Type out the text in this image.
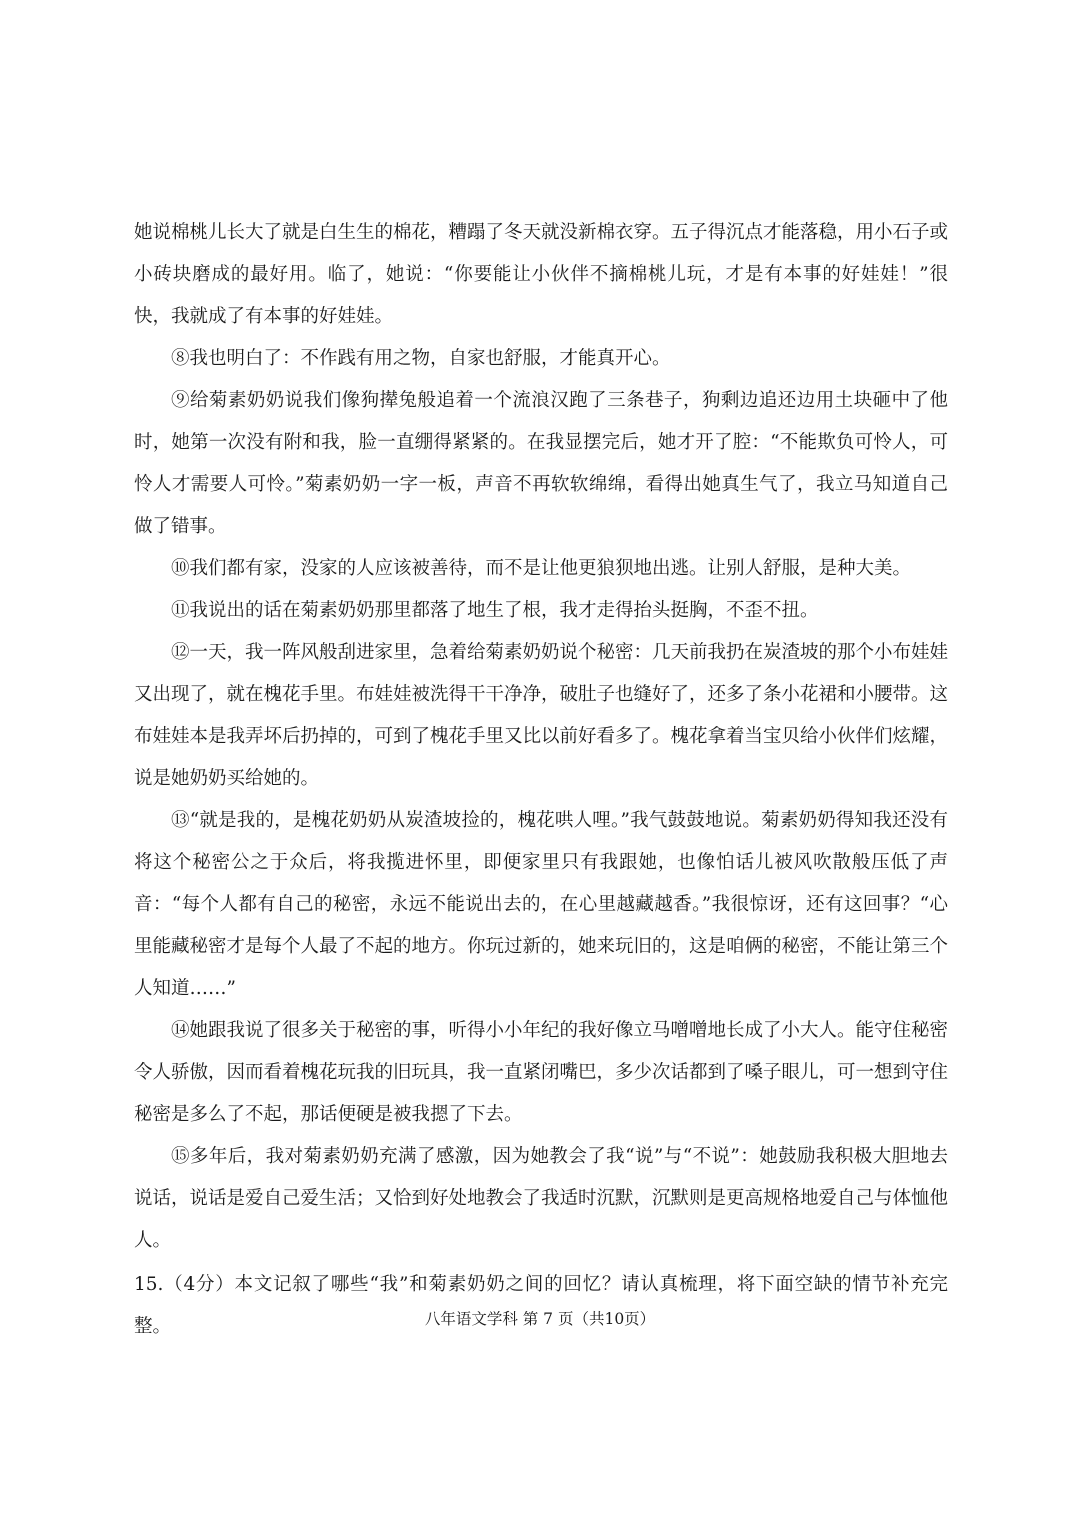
她说棉桃儿长大了就是白生生的棉花，糟蹋了冬天就没新棉衣穿。五子得沉点才能落稳，用小石子或小砖块磨成的最好用。临了，她说：“你要能让小伙伴不摘棉桃儿玩，才是有本事的好娃娃！”很快，我就成了有本事的好娃娃。

⑧我也明白了：不作践有用之物，自家也舒服，才能真开心。

⑨给菊素奶奶说我们像狗撵兔般追着一个流浪汉跑了三条巷子，狗剩边追还边用土块砸中了他时，她第一次没有附和我，脸一直绷得紧紧的。在我显摆完后，她才开了腔：“不能欺负可怜人，可怜人才需要人可怜。”菊素奶奶一字一板，声音不再软软绵绵，看得出她真生气了，我立马知道自己做了错事。

⑩我们都有家，没家的人应该被善待，而不是让他更狼狈地出逃。让别人舒服，是种大美。

⑪我说出的话在菊素奶奶那里都落了地生了根，我才走得抬头挺胸，不歪不扭。

⑫一天，我一阵风般刮进家里，急着给菊素奶奶说个秘密：几天前我扔在炭渣坡的那个小布娃娃又出现了，就在槐花手里。布娃娃被洗得干干净净，破肚子也缝好了，还多了条小花裙和小腰带。这布娃娃本是我弄坏后扔掉的，可到了槐花手里又比以前好看多了。槐花拿着当宝贝给小伙伴们炫耀，说是她奶奶买给她的。

⑬“就是我的，是槐花奶奶从炭渣坡捡的，槐花哄人哩。”我气鼓鼓地说。菊素奶奶得知我还没有将这个秘密公之于众后，将我揽进怀里，即便家里只有我跟她，也像怕话儿被风吹散般压低了声音：“每个人都有自己的秘密，永远不能说出去的，在心里越藏越香。”我很惊讶，还有这回事？“心里能藏秘密才是每个人最了不起的地方。你玩过新的，她来玩旧的，这是咱俩的秘密，不能让第三个人知道……”

⑭她跟我说了很多关于秘密的事，听得小小年纪的我好像立马噌噌地长成了小大人。能守住秘密令人骄傲，因而看着槐花玩我的旧玩具，我一直紧闭嘴巴，多少次话都到了嗓子眼儿，可一想到守住秘密是多么了不起，那话便硬是被我摁了下去。

⑮多年后，我对菊素奶奶充满了感激，因为她教会了我“说”与“不说”：她鼓励我积极大胆地去说话，说话是爱自己爱生活；又恰到好处地教会了我适时沉默，沉默则是更高规格地爱自己与体恤他人。

15.（4分）本文记叙了哪些“我”和菊素奶奶之间的回忆？请认真梳理，将下面空缺的情节补充完整。	八年语文学科 第 7 页（共10页）
